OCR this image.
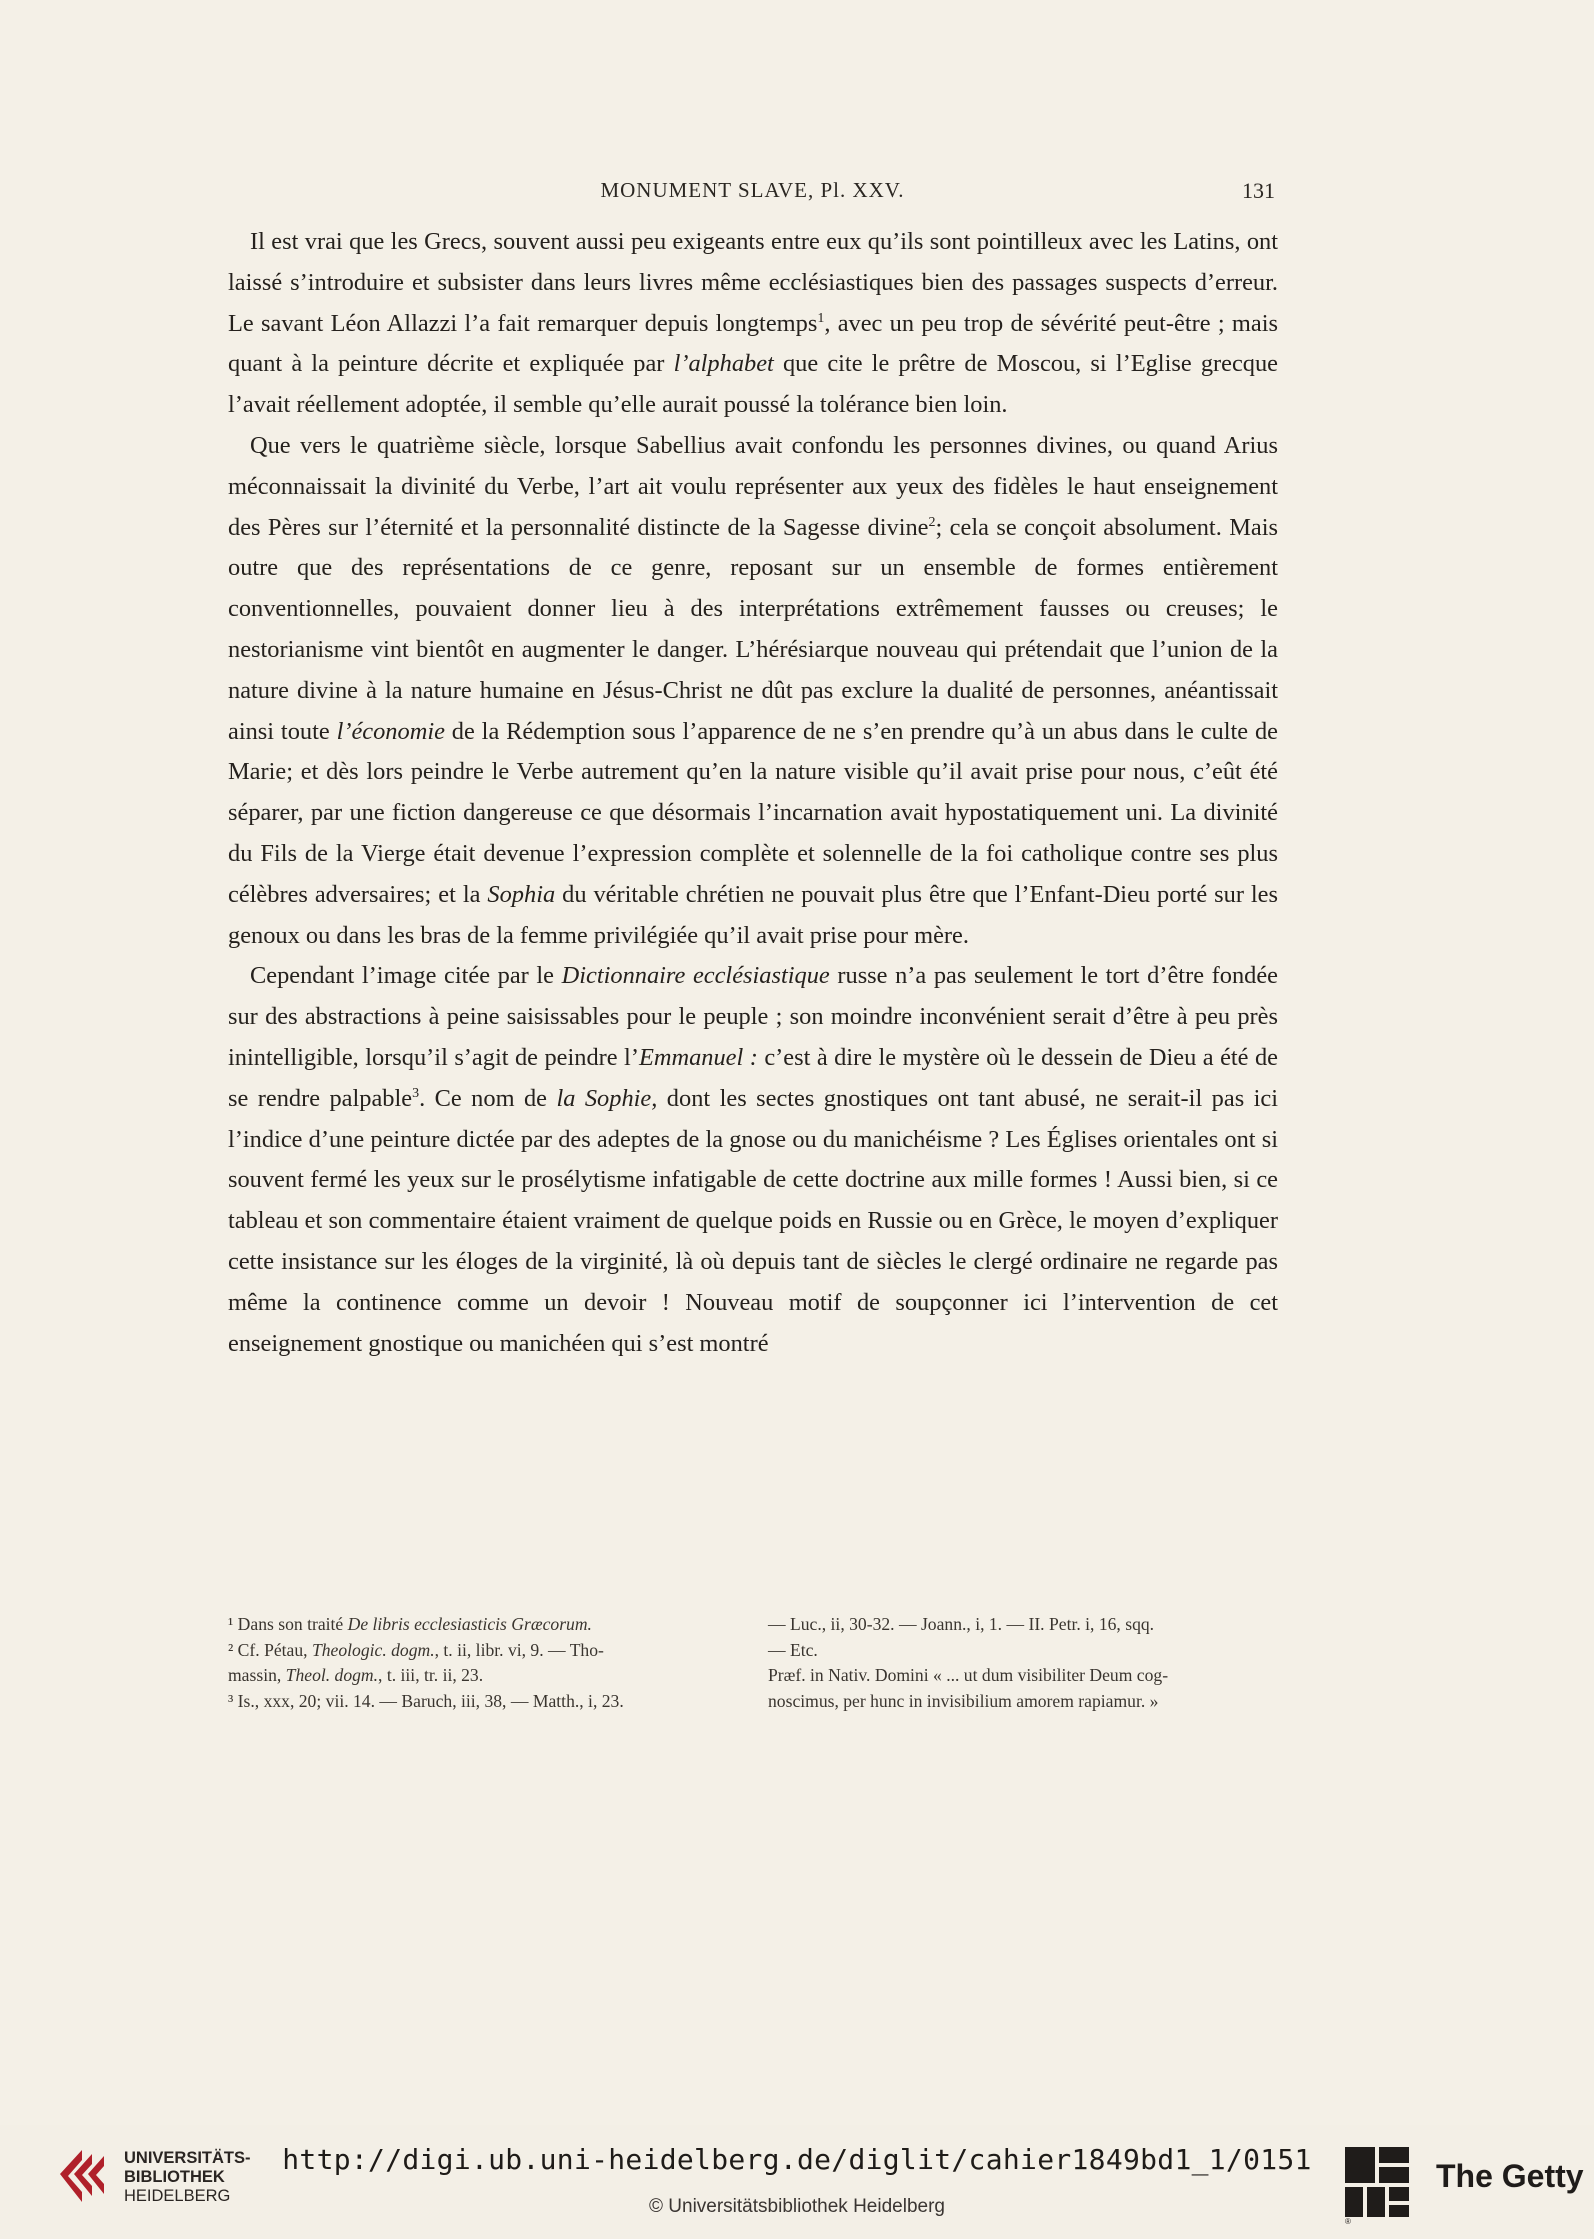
MONUMENT SLAVE, Pl. XXV.	131

Il est vrai que les Grecs, souvent aussi peu exigeants entre eux qu’ils sont pointilleux avec les Latins, ont laissé s’introduire et subsister dans leurs livres même ecclésiastiques bien des passages suspects d’erreur. Le savant Léon Allazzi l’a fait remarquer depuis longtemps$^1$, avec un peu trop de sévérité peut-être ; mais quant à la peinture décrite et expliquée par l’alphabet que cite le prêtre de Moscou, si l’Eglise grecque l’avait réellement adoptée, il semble qu’elle aurait poussé la tolérance bien loin.

Que vers le quatrième siècle, lorsque Sabellius avait confondu les personnes divines, ou quand Arius méconnaissait la divinité du Verbe, l’art ait voulu représenter aux yeux des fidèles le haut enseignement des Pères sur l’éternité et la personnalité distincte de la Sagesse divine$^2$; cela se conçoit absolument. Mais outre que des représentations de ce genre, reposant sur un ensemble de formes entièrement conventionnelles, pouvaient donner lieu à des interprétations extrêmement fausses ou creuses; le nestorianisme vint bientôt en augmenter le danger. L’hérésiarque nouveau qui prétendait que l’union de la nature divine à la nature humaine en Jésus-Christ ne dût pas exclure la dualité de personnes, anéantissait ainsi toute l’économie de la Rédemption sous l’apparence de ne s’en prendre qu’à un abus dans le culte de Marie; et dès lors peindre le Verbe autrement qu’en la nature visible qu’il avait prise pour nous, c’eût été séparer, par une fiction dangereuse ce que désormais l’incarnation avait hypostatiquement uni. La divinité du Fils de la Vierge était devenue l’expression complète et solennelle de la foi catholique contre ses plus célèbres adversaires; et la Sophia du véritable chrétien ne pouvait plus être que l’Enfant-Dieu porté sur les genoux ou dans les bras de la femme privilégiée qu’il avait prise pour mère.

Cependant l’image citée par le Dictionnaire ecclésiastique russe n’a pas seulement le tort d’être fondée sur des abstractions à peine saisissables pour le peuple ; son moindre inconvénient serait d’être à peu près inintelligible, lorsqu’il s’agit de peindre l’Emmanuel : c’est à dire le mystère où le dessein de Dieu a été de se rendre palpable$^3$. Ce nom de la Sophie, dont les sectes gnostiques ont tant abusé, ne serait-il pas ici l’indice d’une peinture dictée par des adeptes de la gnose ou du manichéisme ? Les Églises orientales ont si souvent fermé les yeux sur le prosélytisme infatigable de cette doctrine aux mille formes ! Aussi bien, si ce tableau et son commentaire étaient vraiment de quelque poids en Russie ou en Grèce, le moyen d’expliquer cette insistance sur les éloges de la virginité, là où depuis tant de siècles le clergé ordinaire ne regarde pas même la continence comme un devoir ! Nouveau motif de soupçonner ici l’intervention de cet enseignement gnostique ou manichéen qui s’est montré

¹ Dans son traité De libris ecclesiasticis Græcorum.
² Cf. Pétau, Theologic. dogm., t. ii, libr. vi, 9. — Tho-
massin, Theol. dogm., t. iii, tr. ii, 23.
³ Is., xxx, 20; vii. 14. — Baruch, iii, 38, — Matth., i, 23.
— Luc., ii, 30-32. — Joann., i, 1. — II. Petr. i, 16, sqq.
— Etc.
Præf. in Nativ. Domini « ... ut dum visibiliter Deum cog-
noscimus, per hunc in invisibilium amorem rapiamur. »
UNIVERSITÄTS-
BIBLIOTHEK
HEIDELBERG
http://digi.ub.uni-heidelberg.de/diglit/cahier1849bd1_1/0151
© Universitätsbibliothek Heidelberg
®
The Getty
